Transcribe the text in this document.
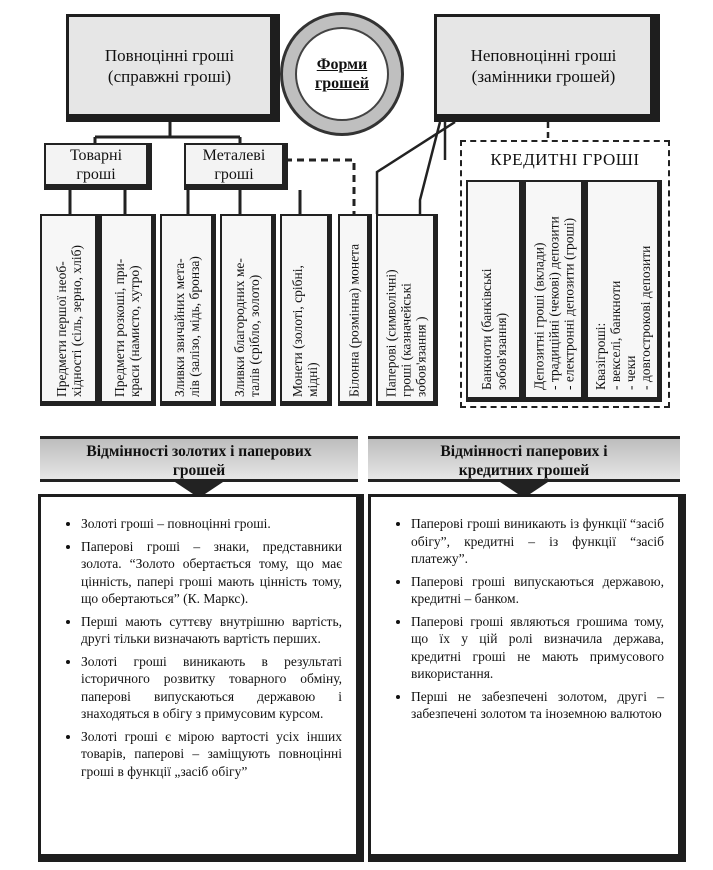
Повноцінні гроші
(справжні гроші)
Форми
грошей
Неповноцінні гроші
(замінники грошей)
Товарні
гроші
Металеві
гроші
КРЕДИТНІ ГРОШІ
Банкноти (банківські
зобов'язання) Депозитні гроші (вклади)
- традиційні (чекові) депозити
- електронні депозити (гроші)
Квазігроші:
- векселі, банкноти
- чеки
- довгострокові депозити
Предмети першої необ-
хідності (сіль, зерно, хліб)
Предмети розкоші, при-
краси (намисто, хутро)
Зливки звичайних мета-
лів (залізо, мідь, бронза)
Зливки благородних ме-
талів (срібло, золото)
Монети (золоті, срібні,
мідні) Білонна (розмінна) монета Паперові (символічні)
гроші (казначейські
зобов'язання )
Відмінності золотих і паперових
грошей
Відмінності паперових і
кредитних грошей
• Золоті гроші – повноцінні гроші.
• Паперові гроші – знаки, представники золота. “Золото обертається тому, що має цінність, папері гроші мають цінність тому, що обертаються” (К. Маркс).
• Перші мають суттєву внутрішню вартість, другі тільки визначають вартість перших.
• Золоті гроші виникають в результаті історичного розвитку товарного обміну, паперові випускаються державою і знаходяться в обігу з примусовим курсом.
• Золоті гроші є мірою вартості усіх інших товарів, паперові – заміщують повноцінні гроші в функції „засіб обігу”
• Паперові гроші виникають із функції “засіб обігу”, кредитні – із функції “засіб платежу”.
• Паперові гроші випускаються державою, кредитні – банком.
• Паперові гроші являються грошима тому, що їх у цій ролі визначила держава, кредитні гроші не мають примусового використання.
• Перші не забезпечені золотом, другі – забезпечені золотом та іноземною валютою
